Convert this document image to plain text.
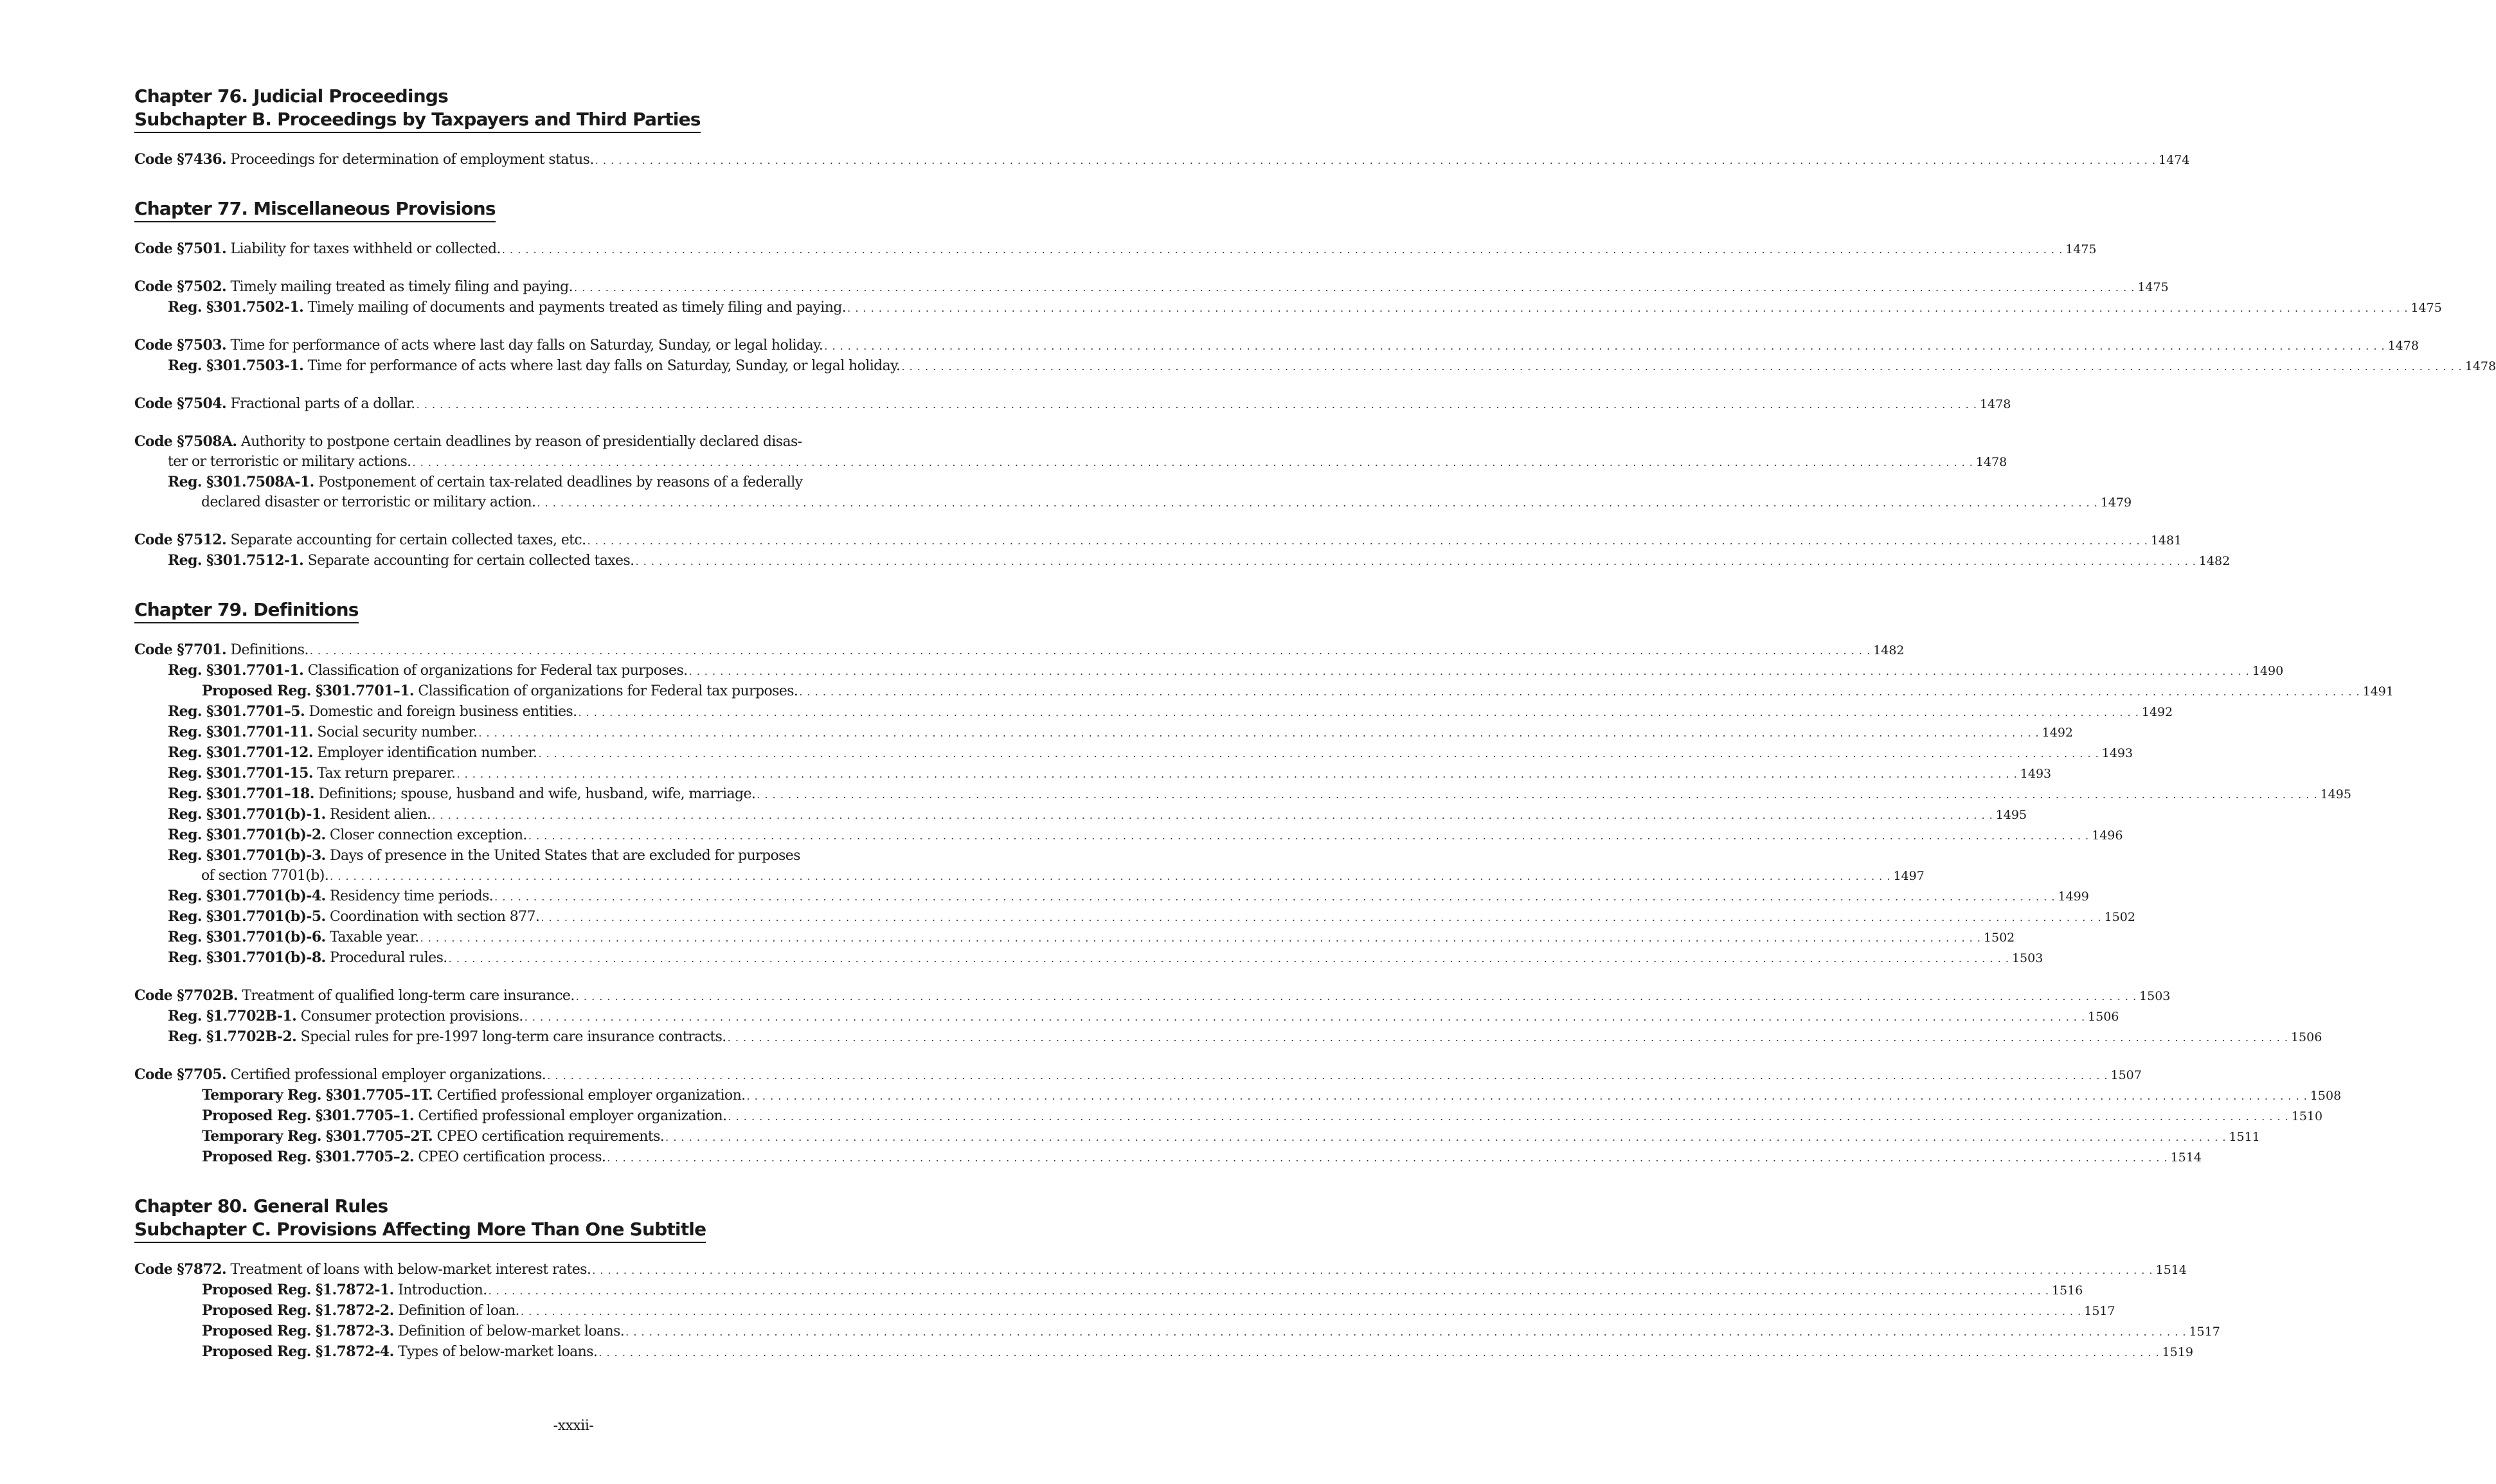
Chapter 76. Judicial Proceedings
Subchapter B. Proceedings by Taxpayers and Third Parties
Code §7436. Proceedings for determination of employment status. . . .	1474
Chapter 77. Miscellaneous Provisions
Code §7501. Liability for taxes withheld or collected. . . .	1475
Code §7502. Timely mailing treated as timely filing and paying. . . .	1475
Reg. §301.7502-1. Timely mailing of documents and payments treated as timely filing and paying. . . .	1475
Code §7503. Time for performance of acts where last day falls on Saturday, Sunday, or legal holiday. . . .	1478
Reg. §301.7503-1. Time for performance of acts where last day falls on Saturday, Sunday, or legal holiday. . . .	1478
Code §7504. Fractional parts of a dollar. . . .	1478
Code §7508A. Authority to postpone certain deadlines by reason of presidentially declared disas-
ter or terroristic or military actions. . . .	1478
Reg. §301.7508A-1. Postponement of certain tax-related deadlines by reasons of a federally
declared disaster or terroristic or military action. . . .	1479
Code §7512. Separate accounting for certain collected taxes, etc. . . .	1481
Reg. §301.7512-1. Separate accounting for certain collected taxes. . . .	1482
Chapter 79. Definitions
Code §7701. Definitions. . . .	1482
Reg. §301.7701-1. Classification of organizations for Federal tax purposes. . . .	1490
Proposed Reg. §301.7701–1. Classification of organizations for Federal tax purposes. . . .	1491
Reg. §301.7701–5. Domestic and foreign business entities. . . .	1492
Reg. §301.7701-11. Social security number. . . .	1492
Reg. §301.7701-12. Employer identification number. . . .	1493
Reg. §301.7701-15. Tax return preparer. . . .	1493
Reg. §301.7701–18. Definitions; spouse, husband and wife, husband, wife, marriage. . . .	1495
Reg. §301.7701(b)-1. Resident alien. . . .	1495
Reg. §301.7701(b)-2. Closer connection exception. . . .	1496
Reg. §301.7701(b)-3. Days of presence in the United States that are excluded for purposes
of section 7701(b). . . .	1497
Reg. §301.7701(b)-4. Residency time periods. . . .	1499
Reg. §301.7701(b)-5. Coordination with section 877. . . .	1502
Reg. §301.7701(b)-6. Taxable year. . . .	1502
Reg. §301.7701(b)-8. Procedural rules. . . .	1503
Code §7702B. Treatment of qualified long-term care insurance. . . .	1503
Reg. §1.7702B-1. Consumer protection provisions. . . .	1506
Reg. §1.7702B-2. Special rules for pre-1997 long-term care insurance contracts. . . .	1506
Code §7705. Certified professional employer organizations. . . .	1507
Temporary Reg. §301.7705–1T. Certified professional employer organization. . . .	1508
Proposed Reg. §301.7705–1. Certified professional employer organization. . . .	1510
Temporary Reg. §301.7705–2T. CPEO certification requirements. . . .	1511
Proposed Reg. §301.7705–2. CPEO certification process. . . .	1514
Chapter 80. General Rules
Subchapter C. Provisions Affecting More Than One Subtitle
Code §7872. Treatment of loans with below-market interest rates. . . .	1514
Proposed Reg. §1.7872-1. Introduction. . . .	1516
Proposed Reg. §1.7872-2. Definition of loan. . . .	1517
Proposed Reg. §1.7872-3. Definition of below-market loans. . . .	1517
Proposed Reg. §1.7872-4. Types of below-market loans. . . .	1519
-xxxii-
